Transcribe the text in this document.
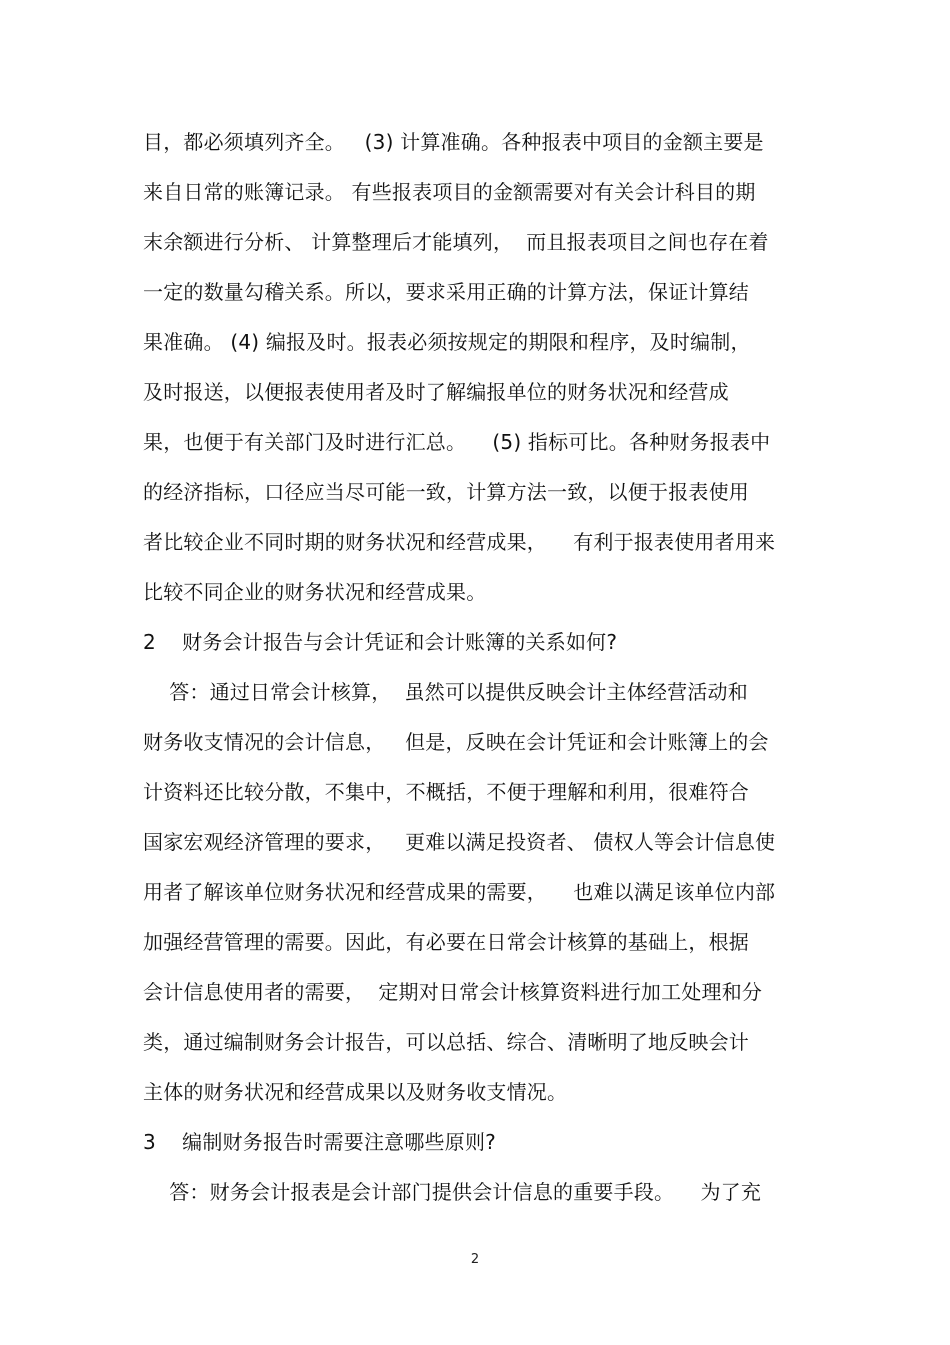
目，都必须填列齐全。   (3) 计算准确。各种报表中项目的金额主要是
来自日常的账簿记录。 有些报表项目的金额需要对有关会计科目的期
末余额进行分析、 计算整理后才能填列，  而且报表项目之间也存在着
一定的数量勾稽关系。所以，要求采用正确的计算方法，保证计算结
果准确。 (4) 编报及时。报表必须按规定的期限和程序，及时编制，
及时报送，以便报表使用者及时了解编报单位的财务状况和经营成
果，也便于有关部门及时进行汇总。    (5) 指标可比。各种财务报表中
的经济指标，口径应当尽可能一致，计算方法一致，以便于报表使用
者比较企业不同时期的财务状况和经营成果，    有利于报表使用者用来
比较不同企业的财务状况和经营成果。
2    财务会计报告与会计凭证和会计账簿的关系如何?
答：通过日常会计核算，  虽然可以提供反映会计主体经营活动和
财务收支情况的会计信息，   但是，反映在会计凭证和会计账簿上的会
计资料还比较分散，不集中，不概括，不便于理解和利用，很难符合
国家宏观经济管理的要求，   更难以满足投资者、 债权人等会计信息使
用者了解该单位财务状况和经营成果的需要，    也难以满足该单位内部
加强经营管理的需要。因此，有必要在日常会计核算的基础上，根据
会计信息使用者的需要，  定期对日常会计核算资料进行加工处理和分
类，通过编制财务会计报告，可以总括、综合、清晰明了地反映会计
主体的财务状况和经营成果以及财务收支情况。
3    编制财务报告时需要注意哪些原则?
答：财务会计报表是会计部门提供会计信息的重要手段。    为了充
2
